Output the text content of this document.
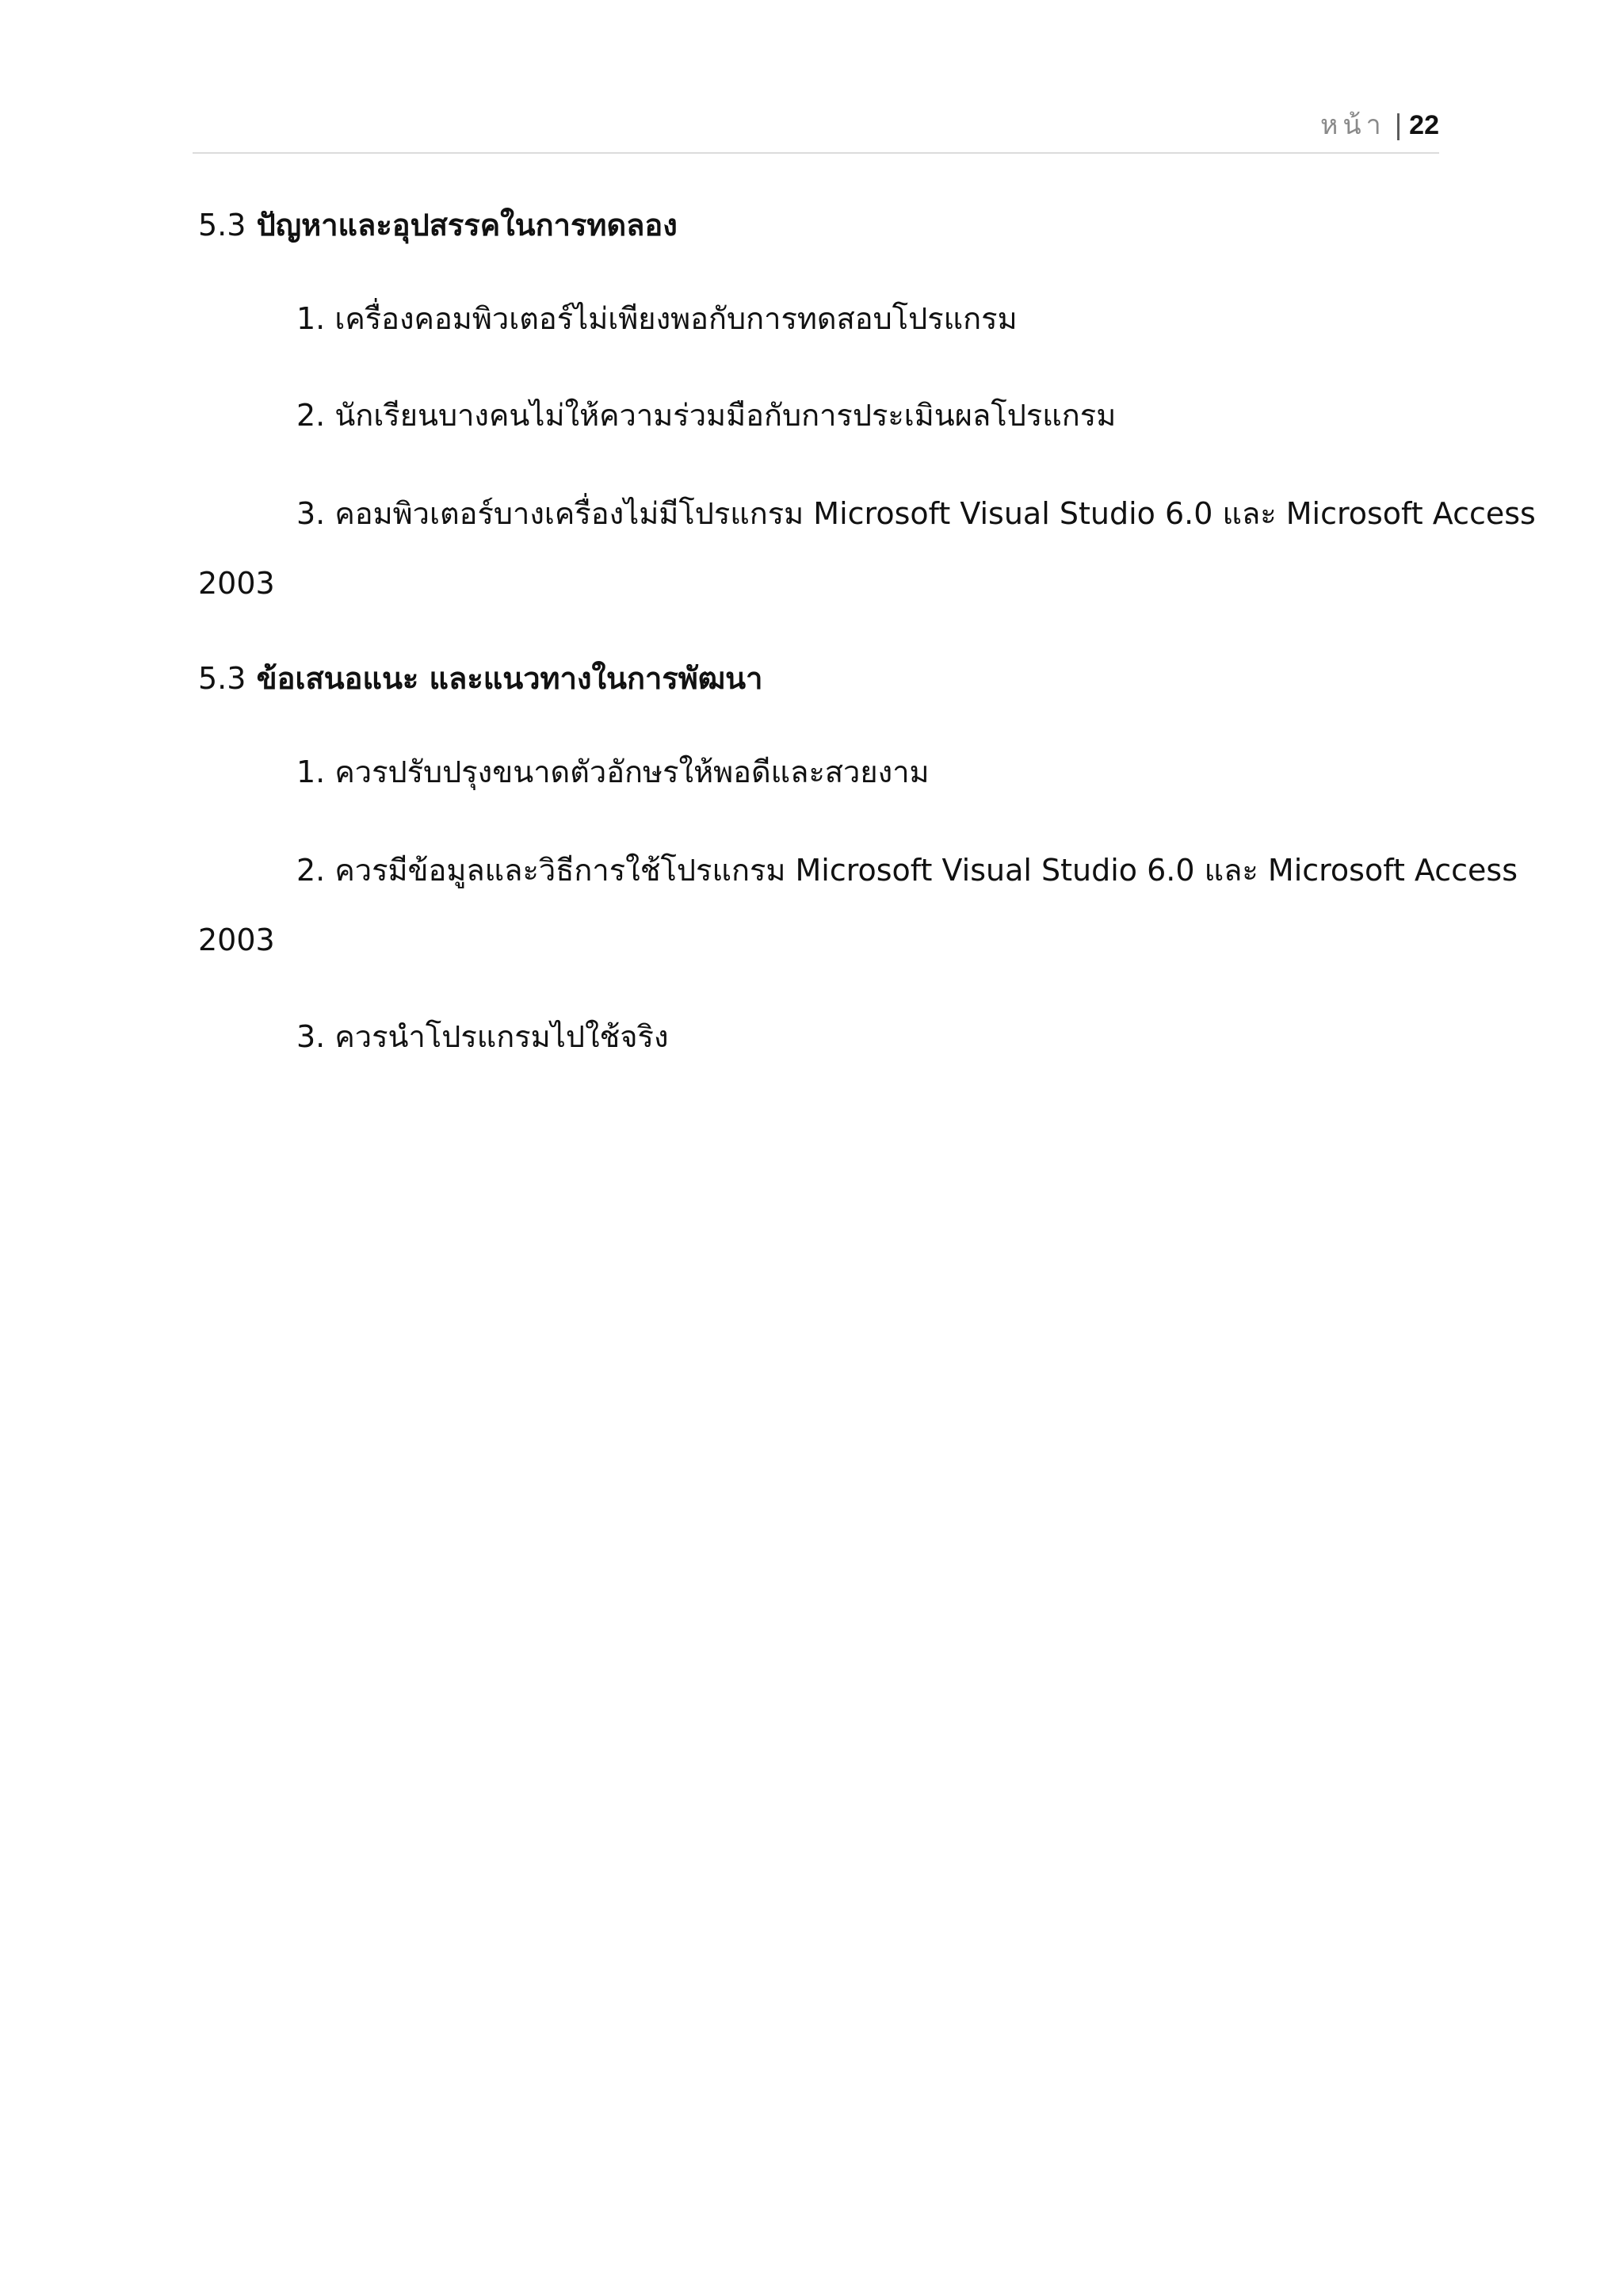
หน้า | 22
5.3 ปัญหาและอุปสรรคในการทดลอง
1. เครื่องคอมพิวเตอร์ไม่เพียงพอกับการทดสอบโปรแกรม
2. นักเรียนบางคนไม่ให้ความร่วมมือกับการประเมินผลโปรแกรม
3. คอมพิวเตอร์บางเครื่องไม่มีโปรแกรม Microsoft Visual Studio 6.0 และ Microsoft Access
2003
5.3 ข้อเสนอแนะ และแนวทางในการพัฒนา
1. ควรปรับปรุงขนาดตัวอักษรให้พอดีและสวยงาม
2. ควรมีข้อมูลและวิธีการใช้โปรแกรม Microsoft Visual Studio 6.0 และ Microsoft Access
2003
3. ควรนำโปรแกรมไปใช้จริง
